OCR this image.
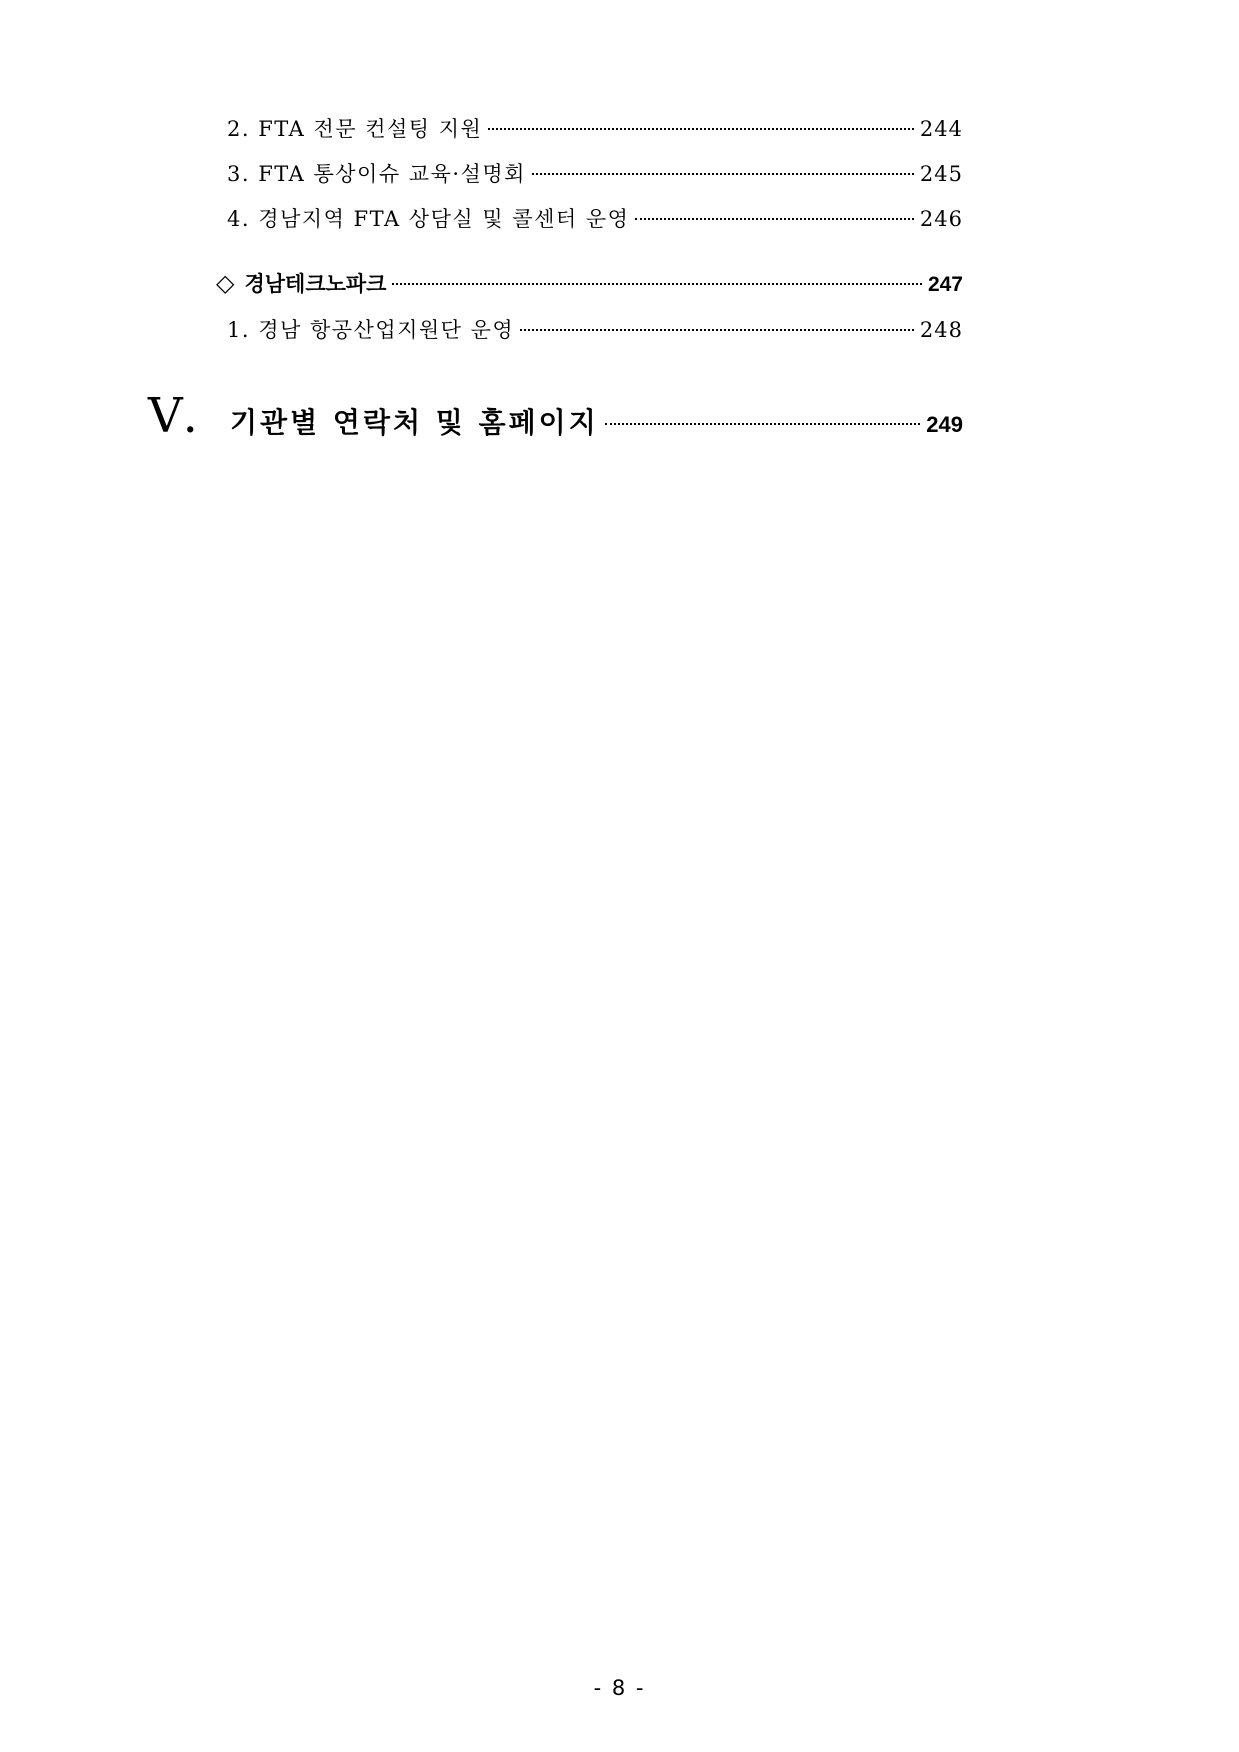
2. FTA 전문 컨설팅 지원	244
3. FTA 통상이슈 교육·설명회	245
4. 경남지역 FTA 상담실 및 콜센터 운영	246
◇ 경남테크노파크	247
1. 경남 항공산업지원단 운영	248
Ⅴ. 기관별 연락처 및 홈페이지	249
- 8 -
